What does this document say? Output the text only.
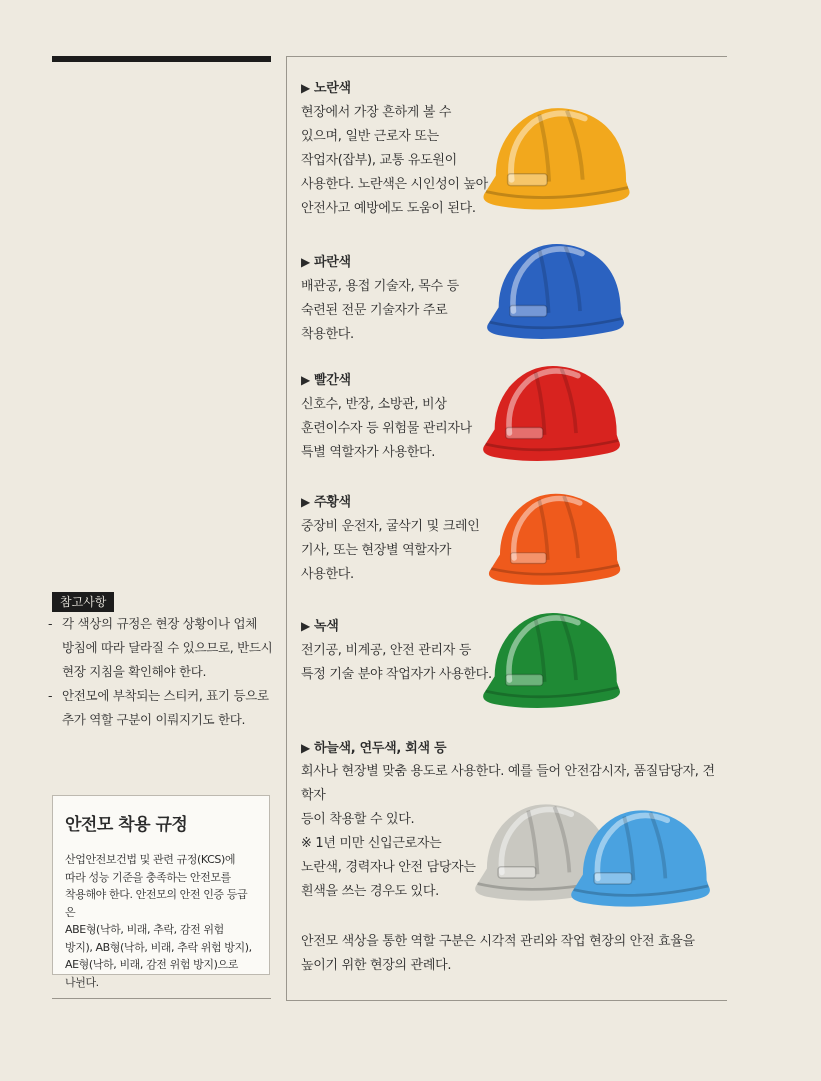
▶ 노란색
현장에서 가장 흔하게 볼 수
있으며, 일반 근로자 또는
작업자(잡부), 교통 유도원이
사용한다. 노란색은 시인성이 높아
안전사고 예방에도 도움이 된다.
▶ 파란색
배관공, 용접 기술자, 목수 등
숙련된 전문 기술자가 주로
착용한다.
▶ 빨간색
신호수, 반장, 소방관, 비상
훈련이수자 등 위험물 관리자나
특별 역할자가 사용한다.
▶ 주황색
중장비 운전자, 굴삭기 및 크레인
기사, 또는 현장별 역할자가
사용한다.
▶ 녹색
전기공, 비계공, 안전 관리자 등
특정 기술 분야 작업자가 사용한다.
▶ 하늘색, 연두색, 회색 등
회사나 현장별 맞춤 용도로 사용한다. 예를 들어 안전감시자, 품질담당자, 견학자
등이 착용할 수 있다.
※ 1년 미만 신입근로자는
노란색, 경력자나 안전 담당자는
흰색을 쓰는 경우도 있다.
안전모 색상을 통한 역할 구분은 시각적 관리와 작업 현장의 안전 효율을
높이기 위한 현장의 관례다.
참고사항
- 각 색상의 규정은 현장 상황이나 업체
방침에 따라 달라질 수 있으므로, 반드시
현장 지침을 확인해야 한다.
- 안전모에 부착되는 스티커, 표기 등으로
추가 역할 구분이 이뤄지기도 한다.
안전모 착용 규정
산업안전보건법 및 관련 규정(KCS)에
따라 성능 기준을 충족하는 안전모를
착용해야 한다. 안전모의 안전 인증 등급은
ABE형(낙하, 비래, 추락, 감전 위험
방지), AB형(낙하, 비래, 추락 위험 방지),
AE형(낙하, 비래, 감전 위험 방지)으로
나뉜다.
